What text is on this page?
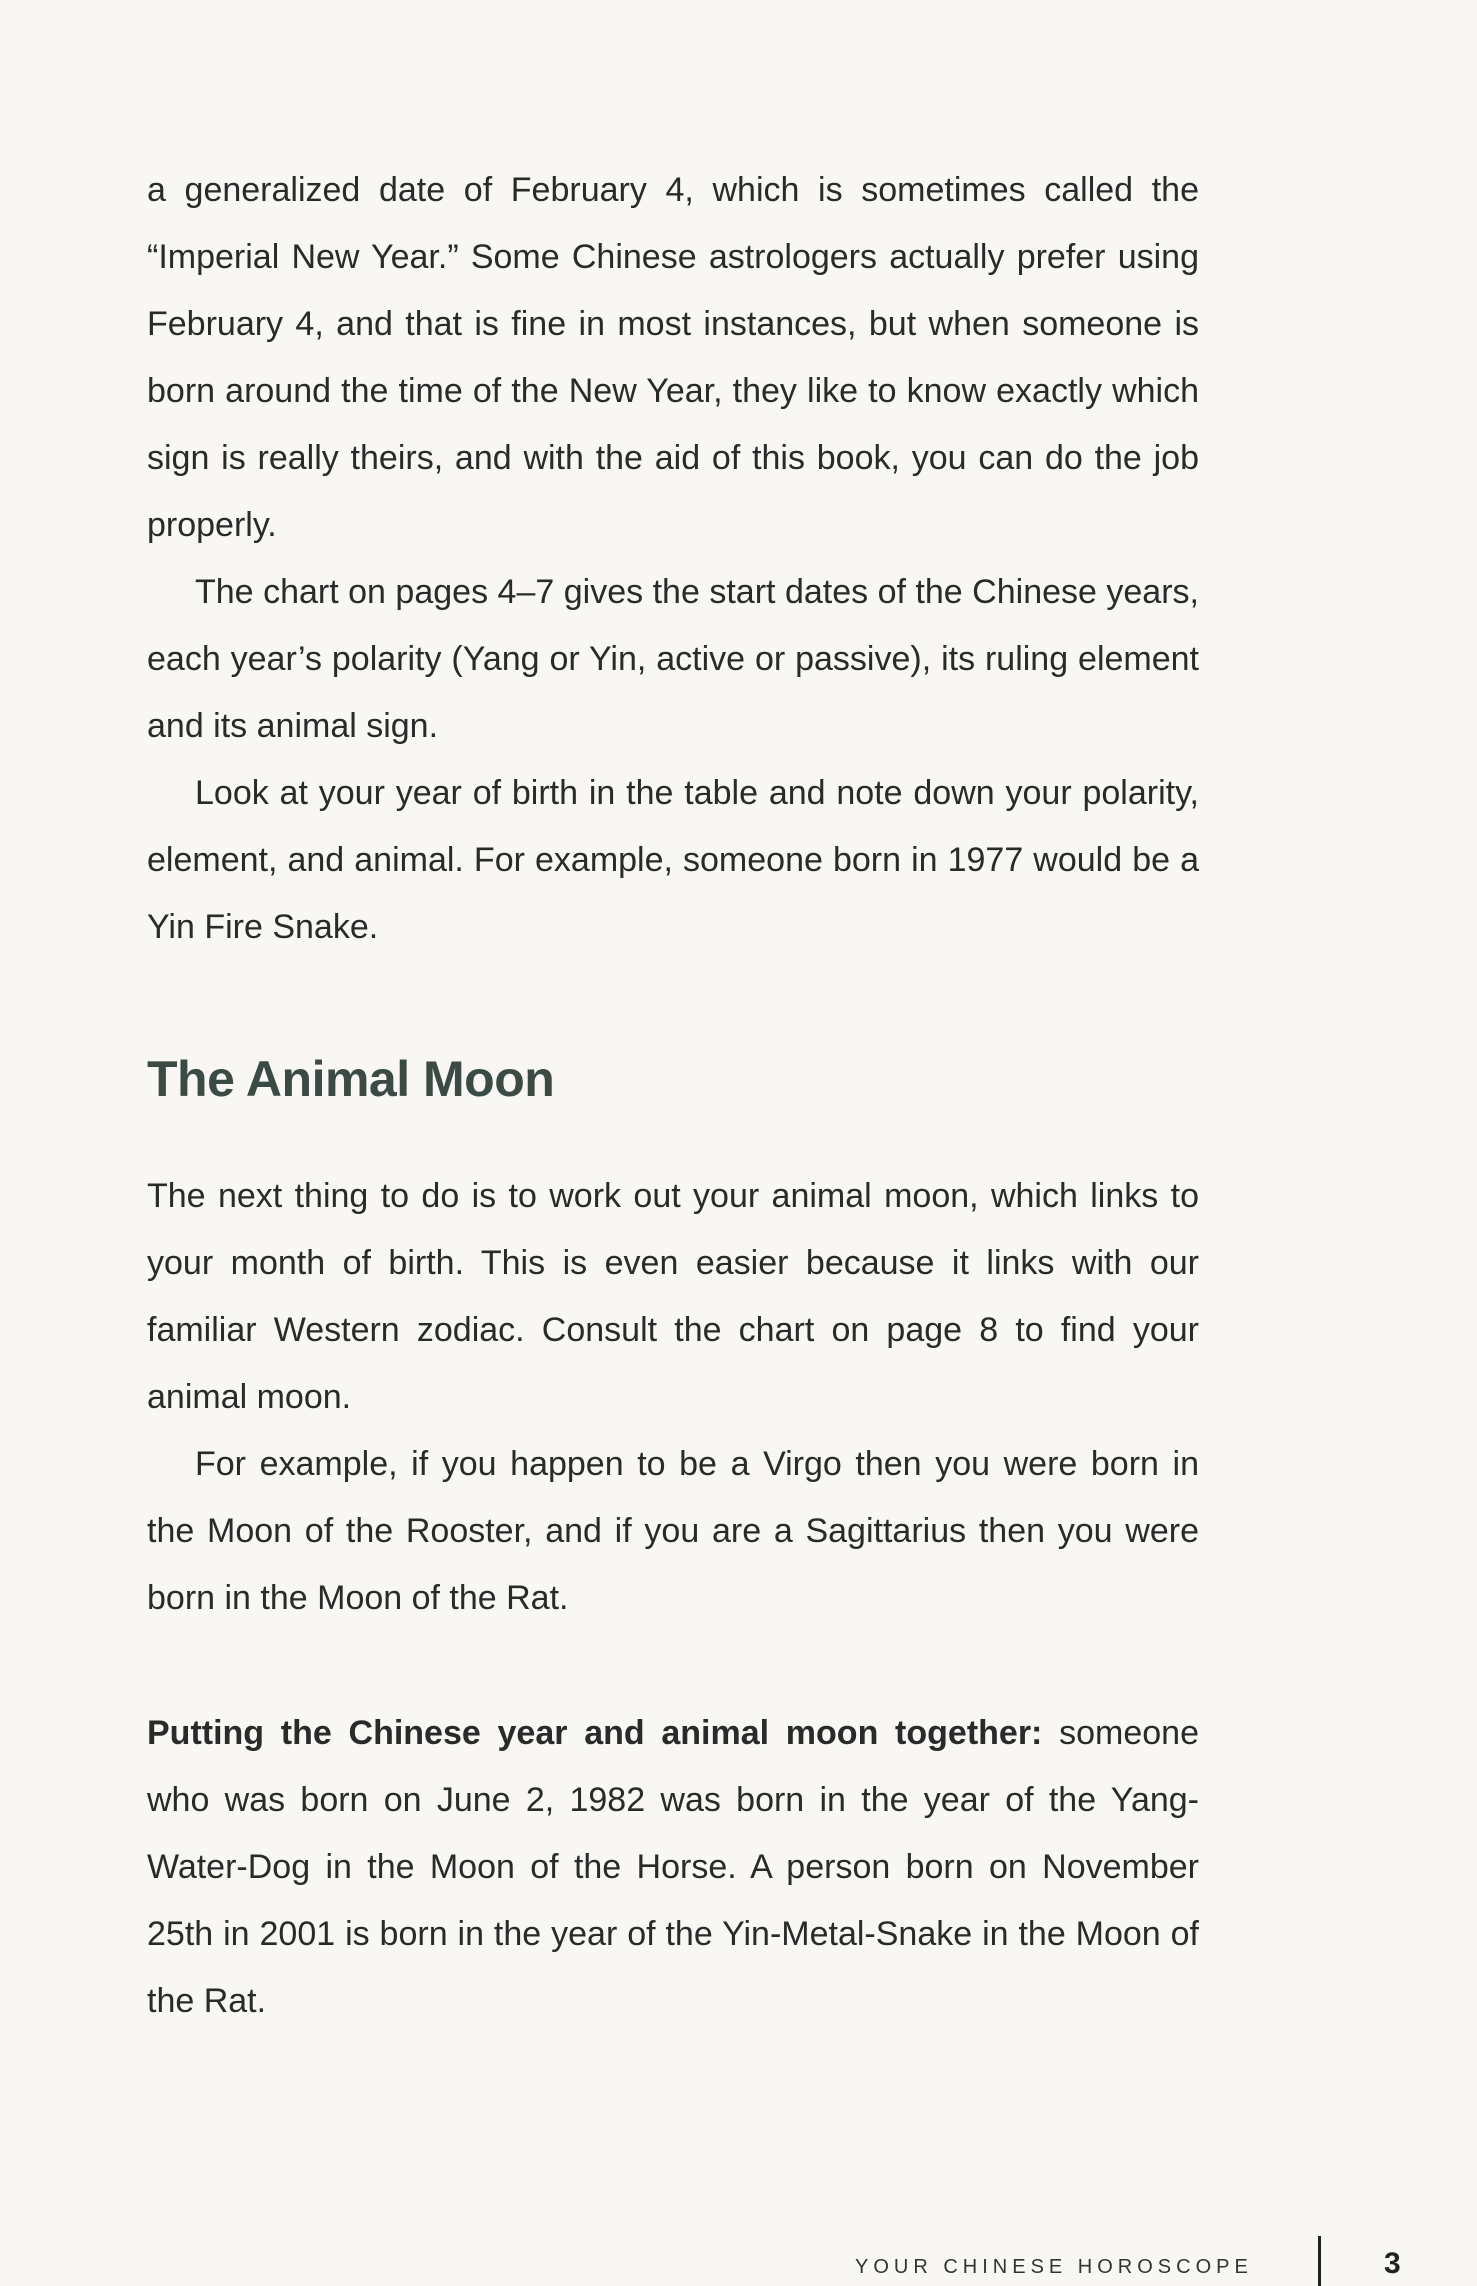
a generalized date of February 4, which is sometimes called the “Imperial New Year.” Some Chinese astrologers actually prefer using February 4, and that is fine in most instances, but when someone is born around the time of the New Year, they like to know exactly which sign is really theirs, and with the aid of this book, you can do the job properly.

The chart on pages 4–7 gives the start dates of the Chinese years, each year’s polarity (Yang or Yin, active or passive), its ruling element and its animal sign.

Look at your year of birth in the table and note down your polarity, element, and animal. For example, someone born in 1977 would be a Yin Fire Snake.

The Animal Moon

The next thing to do is to work out your animal moon, which links to your month of birth. This is even easier because it links with our familiar Western zodiac. Consult the chart on page 8 to find your animal moon.

For example, if you happen to be a Virgo then you were born in the Moon of the Rooster, and if you are a Sagittarius then you were born in the Moon of the Rat.

Putting the Chinese year and animal moon together: someone who was born on June 2, 1982 was born in the year of the Yang-Water-Dog in the Moon of the Horse. A person born on November 25th in 2001 is born in the year of the Yin-Metal-Snake in the Moon of the Rat.

YOUR CHINESE HOROSCOPE	3
